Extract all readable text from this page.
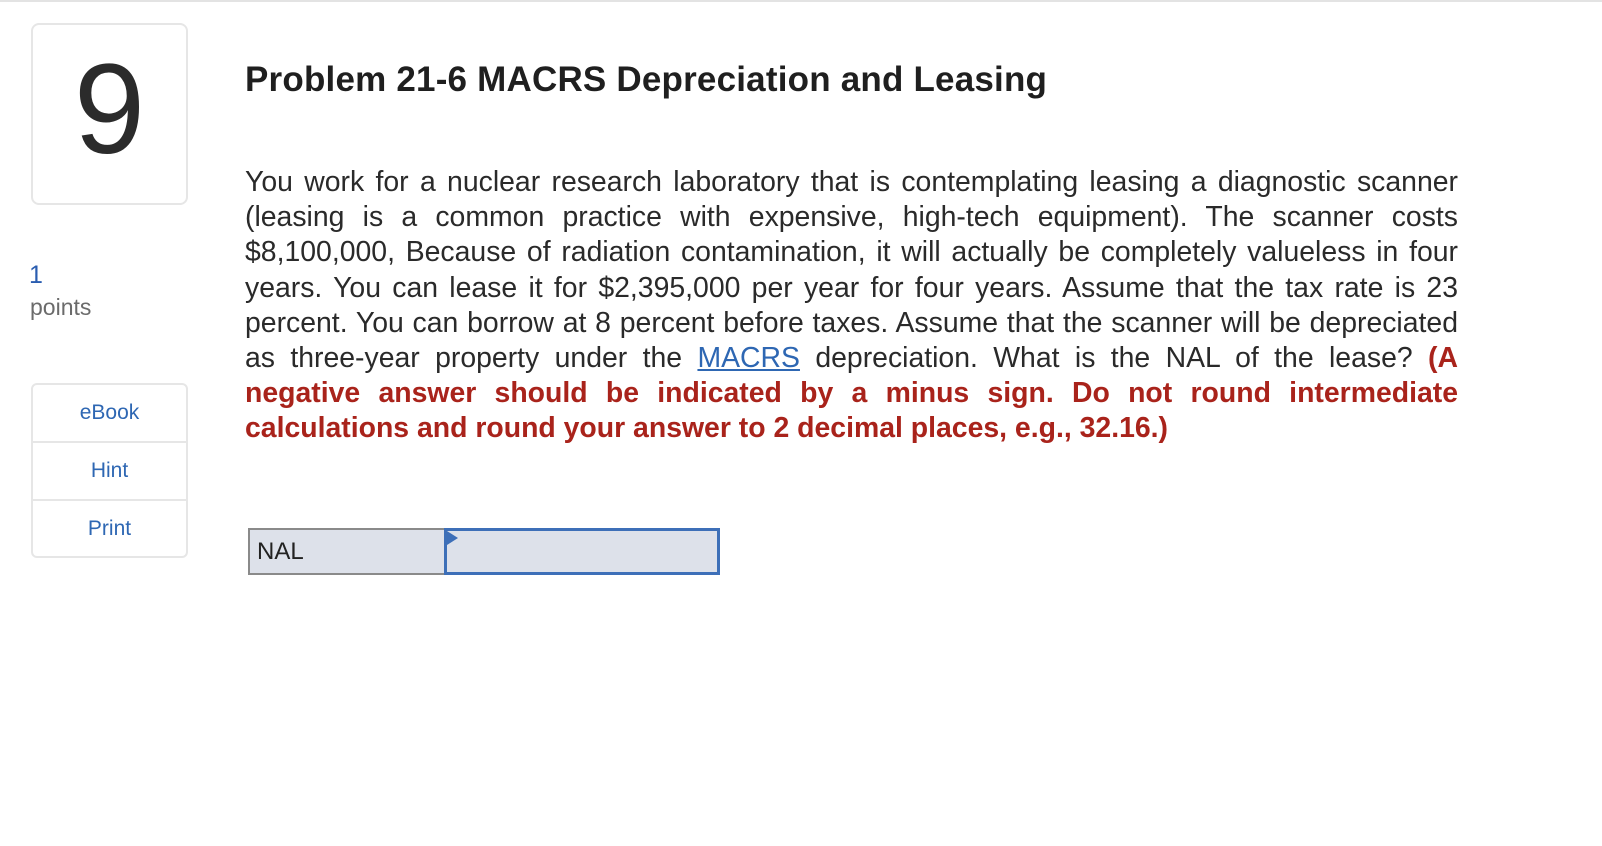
9
1
points
eBook
Hint
Print
Problem 21-6 MACRS Depreciation and Leasing
You work for a nuclear research laboratory that is contemplating leasing a diagnostic scanner (leasing is a common practice with expensive, high-tech equipment). The scanner costs $8,100,000, Because of radiation contamination, it will actually be completely valueless in four years. You can lease it for $2,395,000 per year for four years. Assume that the tax rate is 23 percent. You can borrow at 8 percent before taxes. Assume that the scanner will be depreciated as three-year property under the MACRS depreciation. What is the NAL of the lease? (A negative answer should be indicated by a minus sign. Do not round intermediate calculations and round your answer to 2 decimal places, e.g., 32.16.)
NAL
